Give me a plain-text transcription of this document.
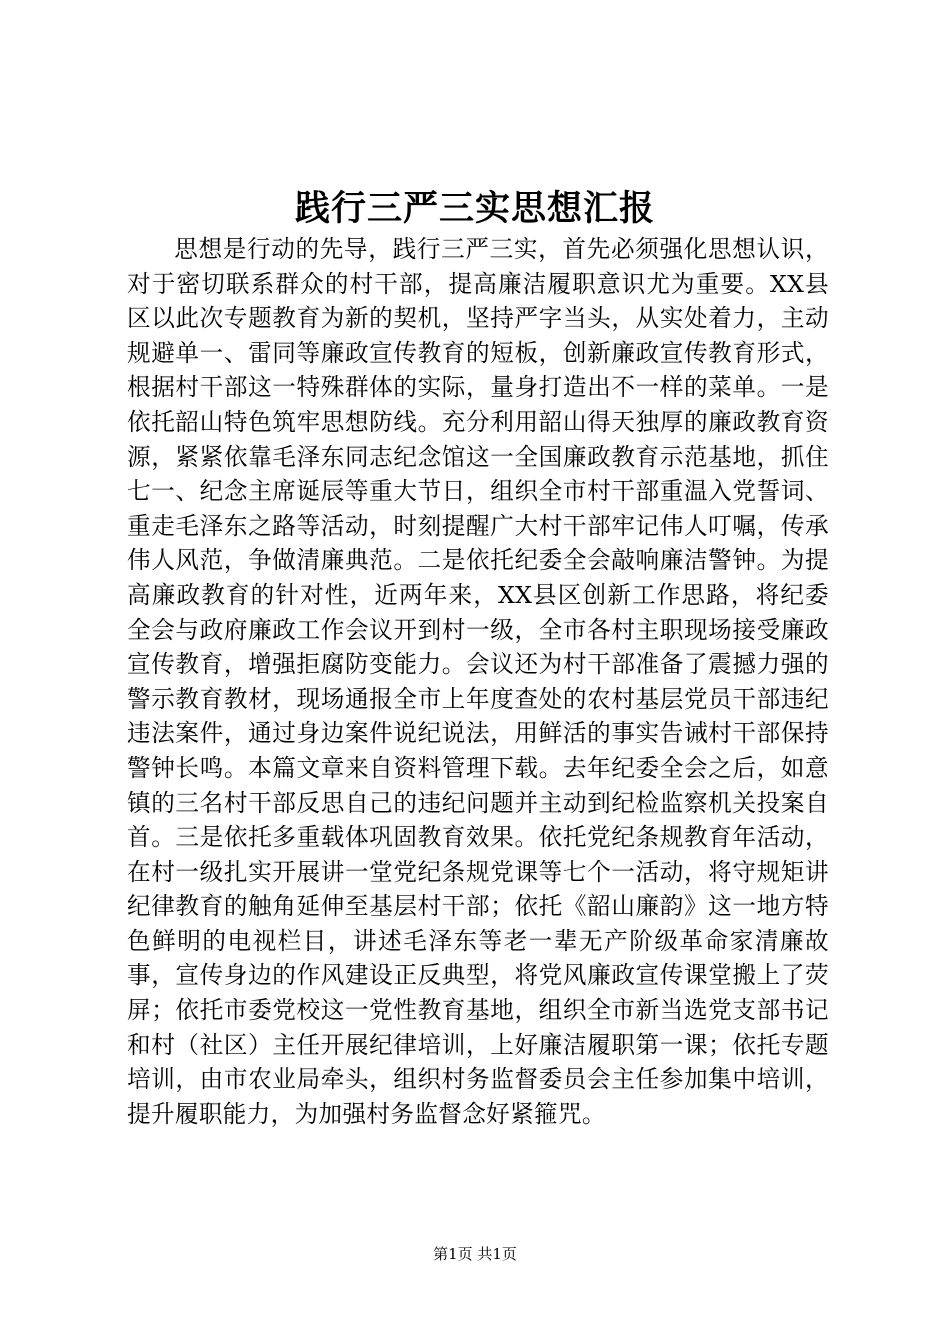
践行三严三实思想汇报

思想是行动的先导，践行三严三实，首先必须强化思想认识，对于密切联系群众的村干部，提高廉洁履职意识尤为重要。XX县区以此次专题教育为新的契机，坚持严字当头，从实处着力，主动规避单一、雷同等廉政宣传教育的短板，创新廉政宣传教育形式，根据村干部这一特殊群体的实际，量身打造出不一样的菜单。一是依托韶山特色筑牢思想防线。充分利用韶山得天独厚的廉政教育资源，紧紧依靠毛泽东同志纪念馆这一全国廉政教育示范基地，抓住七一、纪念主席诞辰等重大节日，组织全市村干部重温入党誓词、重走毛泽东之路等活动，时刻提醒广大村干部牢记伟人叮嘱，传承伟人风范，争做清廉典范。二是依托纪委全会敲响廉洁警钟。为提高廉政教育的针对性，近两年来，XX县区创新工作思路，将纪委全会与政府廉政工作会议开到村一级，全市各村主职现场接受廉政宣传教育，增强拒腐防变能力。会议还为村干部准备了震撼力强的警示教育教材，现场通报全市上年度查处的农村基层党员干部违纪违法案件，通过身边案件说纪说法，用鲜活的事实告诫村干部保持警钟长鸣。本篇文章来自资料管理下载。去年纪委全会之后，如意镇的三名村干部反思自己的违纪问题并主动到纪检监察机关投案自首。三是依托多重载体巩固教育效果。依托党纪条规教育年活动，在村一级扎实开展讲一堂党纪条规党课等七个一活动，将守规矩讲纪律教育的触角延伸至基层村干部；依托《韶山廉韵》这一地方特色鲜明的电视栏目，讲述毛泽东等老一辈无产阶级革命家清廉故事，宣传身边的作风建设正反典型，将党风廉政宣传课堂搬上了荧屏；依托市委党校这一党性教育基地，组织全市新当选党支部书记和村（社区）主任开展纪律培训，上好廉洁履职第一课；依托专题培训，由市农业局牵头，组织村务监督委员会主任参加集中培训，提升履职能力，为加强村务监督念好紧箍咒。

第1页 共1页
